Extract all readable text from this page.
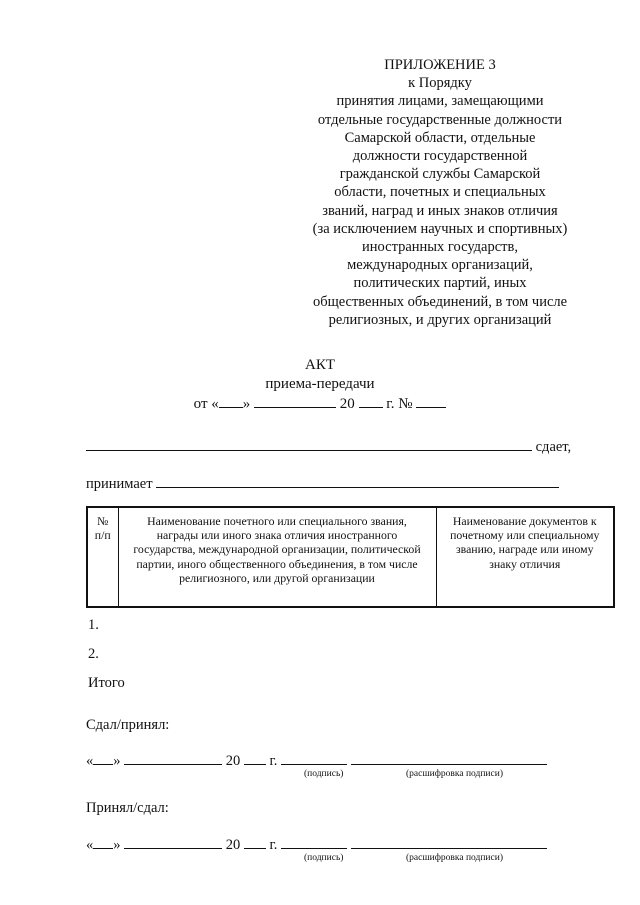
ПРИЛОЖЕНИЕ 3
к Порядку
принятия лицами, замещающими
отдельные государственные должности
Самарской области, отдельные
должности государственной
гражданской службы Самарской
области, почетных и специальных
званий, наград и иных знаков отличия
(за исключением научных и спортивных)
иностранных государств,
международных организаций,
политических партий, иных
общественных объединений, в том числе
религиозных, и других организаций
АКТ
приема-передачи
от « »	20 г. №
сдает,
принимает
№ п/п	Наименование почетного или специального звания, награды или иного знака отличия иностранного государства, международной организации, политической партии, иного общественного объединения, в том числе религиозного, или другой организации	Наименование документов к почетному или специальному званию, награде или иному знаку отличия
1.
2.
Итого
Сдал/принял:
« »	20 г.
(подпись)	(расшифровка подписи)
Принял/сдал:
« »	20 г.
(подпись)	(расшифровка подписи)
